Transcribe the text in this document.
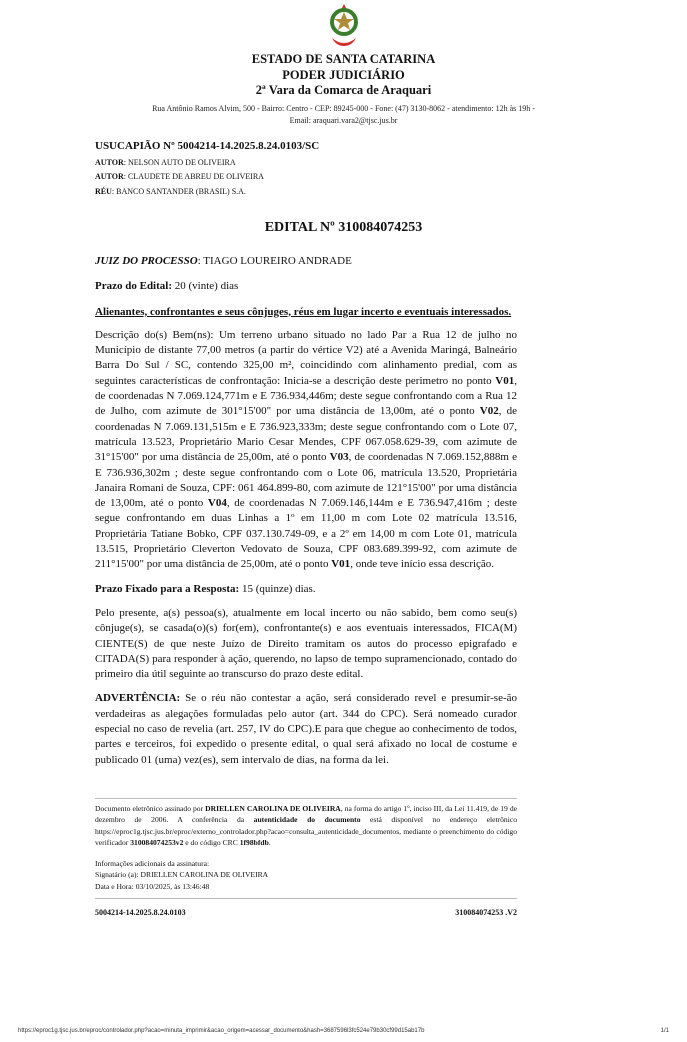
ESTADO DE SANTA CATARINA
PODER JUDICIÁRIO
2ª Vara da Comarca de Araquari
Rua Antônio Ramos Alvim, 500 - Bairro: Centro - CEP: 89245-000 - Fone: (47) 3130-8062 - atendimento: 12h às 19h -
Email: araquari.vara2@tjsc.jus.br
USUCAPIÃO Nº 5004214-14.2025.8.24.0103/SC
AUTOR: NELSON AUTO DE OLIVEIRA
AUTOR: CLAUDETE DE ABREU DE OLIVEIRA
RÉU: BANCO SANTANDER (BRASIL) S.A.
EDITAL Nº 310084074253
JUIZ DO PROCESSO: TIAGO LOUREIRO ANDRADE
Prazo do Edital: 20 (vinte) dias
Alienantes, confrontantes e seus cônjuges, réus em lugar incerto e eventuais interessados.
Descrição do(s) Bem(ns): Um terreno urbano situado no lado Par a Rua 12 de julho no Município de distante 77,00 metros (a partir do vértice V2) até a Avenida Maringá, Balneário Barra Do Sul / SC, contendo 325,00 m², coincidindo com alinhamento predial, com as seguintes características de confrontação: Inicia-se a descrição deste perimetro no ponto V01, de coordenadas N 7.069.124,771m e E 736.934,446m; deste segue confrontando com a Rua 12 de Julho, com azimute de 301°15'00" por uma distância de 13,00m, até o ponto V02, de coordenadas N 7.069.131,515m e E 736.923,333m; deste segue confrontando com o Lote 07, matrícula 13.523, Proprietário Mario Cesar Mendes, CPF 067.058.629-39, com azimute de 31°15'00" por uma distância de 25,00m, até o ponto V03, de coordenadas N 7.069.152,888m e E 736.936,302m ; deste segue confrontando com o Lote 06, matrícula 13.520, Proprietária Janaira Romani de Souza, CPF: 061 464.899-80, com azimute de 121°15'00" por uma distância de 13,00m, até o ponto V04, de coordenadas N 7.069.146,144m e E 736.947,416m ; deste segue confrontando em duas Linhas a 1º em 11,00 m com Lote 02 matrícula 13.516, Proprietária Tatiane Bobko, CPF 037.130.749-09, e a 2º em 14,00 m com Lote 01, matrícula 13.515, Proprietário Cleverton Vedovato de Souza, CPF 083.689.399-92, com azimute de 211°15'00" por uma distância de 25,00m, até o ponto V01, onde teve início essa descrição.
Prazo Fixado para a Resposta: 15 (quinze) dias.
Pelo presente, a(s) pessoa(s), atualmente em local incerto ou não sabido, bem como seu(s) cônjuge(s), se casada(o)(s) for(em), confrontante(s) e aos eventuais interessados, FICA(M) CIENTE(S) de que neste Juízo de Direito tramitam os autos do processo epigrafado e CITADA(S) para responder à ação, querendo, no lapso de tempo supramencionado, contado do primeiro dia útil seguinte ao transcurso do prazo deste edital.
ADVERTÊNCIA: Se o réu não contestar a ação, será considerado revel e presumir-se-ão verdadeiras as alegações formuladas pelo autor (art. 344 do CPC). Será nomeado curador especial no caso de revelia (art. 257, IV do CPC).E para que chegue ao conhecimento de todos, partes e terceiros, foi expedido o presente edital, o qual será afixado no local de costume e publicado 01 (uma) vez(es), sem intervalo de dias, na forma da lei.
Documento eletrônico assinado por DRIELLEN CAROLINA DE OLIVEIRA, na forma do artigo 1º, inciso III, da Lei 11.419, de 19 de dezembro de 2006. A conferência da autenticidade do documento está disponível no endereço eletrônico https://eproc1g.tjsc.jus.br/eproc/externo_controlador.php?acao=consulta_autenticidade_documentos, mediante o preenchimento do código verificador 310084074253v2 e do código CRC 1f98bfdb.
Informações adicionais da assinatura:
Signatário (a): DRIELLEN CAROLINA DE OLIVEIRA
Data e Hora: 03/10/2025, às 13:46:48
5004214-14.2025.8.24.0103	310084074253 .V2
https://eproc1g.tjsc.jus.br/eproc/controlador.php?acao=minuta_imprimir&acao_origem=acessar_documento&hash=3687596l3fc524e79b30cf99d15ab17b	1/1
